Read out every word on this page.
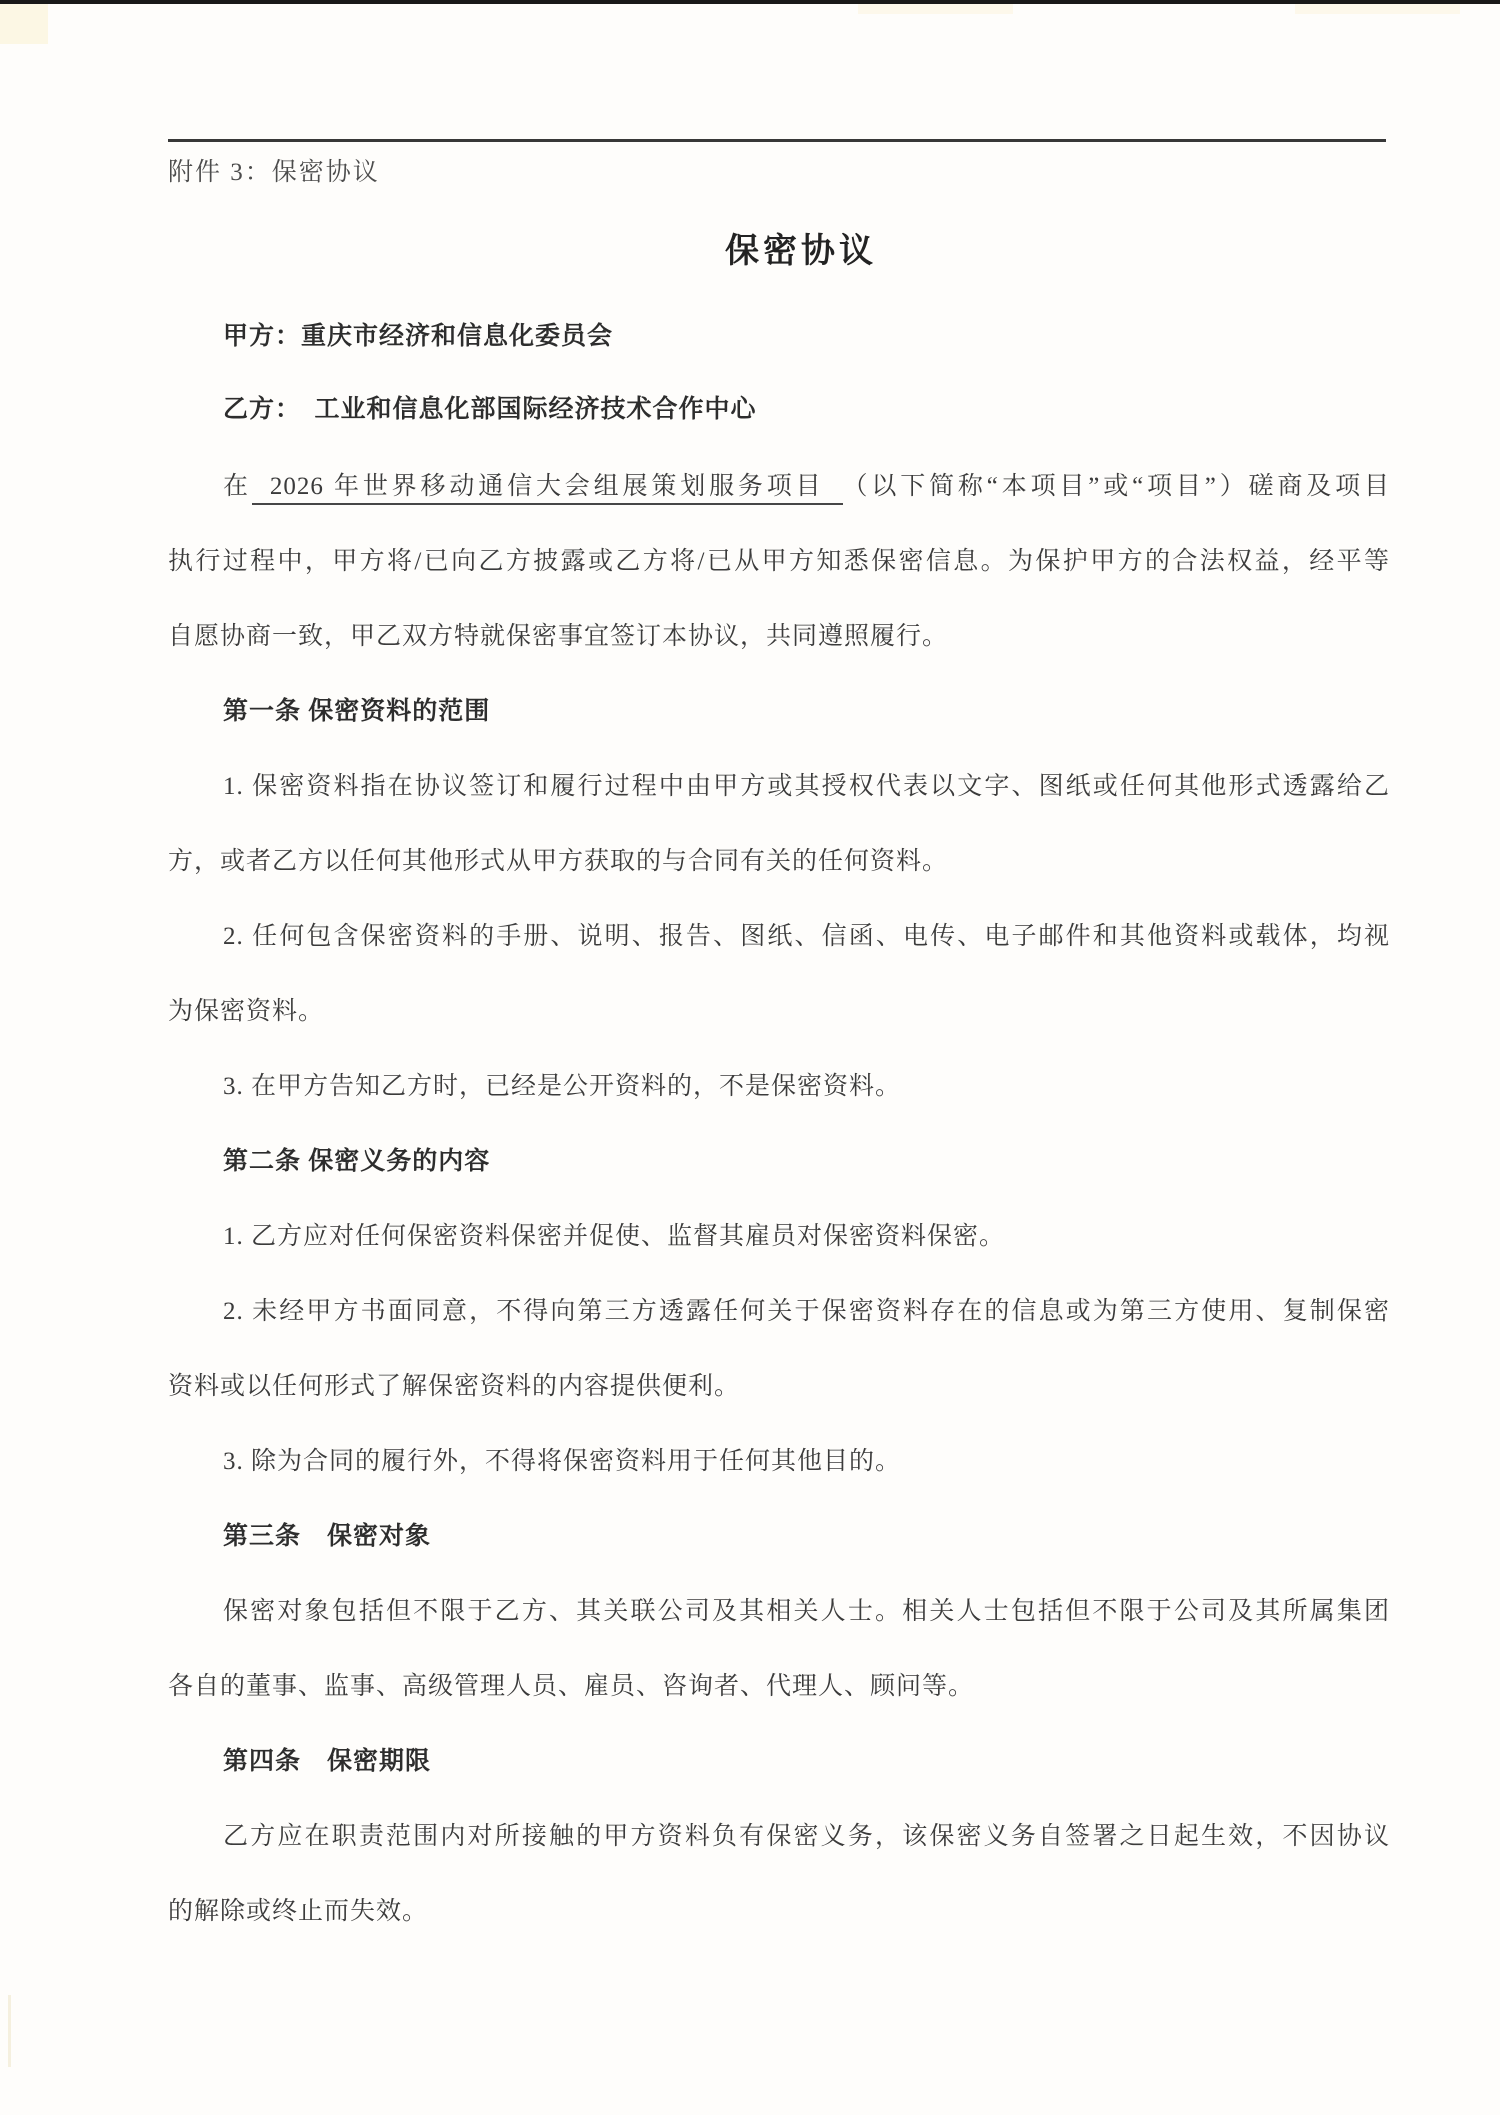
附件 3：保密协议
保密协议
甲方：重庆市经济和信息化委员会
乙方：　工业和信息化部国际经济技术合作中心
在 2026 年世界移动通信大会组展策划服务项目 （以下简称“本项目”或“项目”）磋商及项目
执行过程中，甲方将/已向乙方披露或乙方将/已从甲方知悉保密信息。为保护甲方的合法权益，经平等
自愿协商一致，甲乙双方特就保密事宜签订本协议，共同遵照履行。
第一条 保密资料的范围
1. 保密资料指在协议签订和履行过程中由甲方或其授权代表以文字、图纸或任何其他形式透露给乙
方，或者乙方以任何其他形式从甲方获取的与合同有关的任何资料。
2. 任何包含保密资料的手册、说明、报告、图纸、信函、电传、电子邮件和其他资料或载体，均视
为保密资料。
3. 在甲方告知乙方时，已经是公开资料的，不是保密资料。
第二条 保密义务的内容
1. 乙方应对任何保密资料保密并促使、监督其雇员对保密资料保密。
2. 未经甲方书面同意，不得向第三方透露任何关于保密资料存在的信息或为第三方使用、复制保密
资料或以任何形式了解保密资料的内容提供便利。
3. 除为合同的履行外，不得将保密资料用于任何其他目的。
第三条　保密对象
保密对象包括但不限于乙方、其关联公司及其相关人士。相关人士包括但不限于公司及其所属集团
各自的董事、监事、高级管理人员、雇员、咨询者、代理人、顾问等。
第四条　保密期限
乙方应在职责范围内对所接触的甲方资料负有保密义务，该保密义务自签署之日起生效，不因协议
的解除或终止而失效。
